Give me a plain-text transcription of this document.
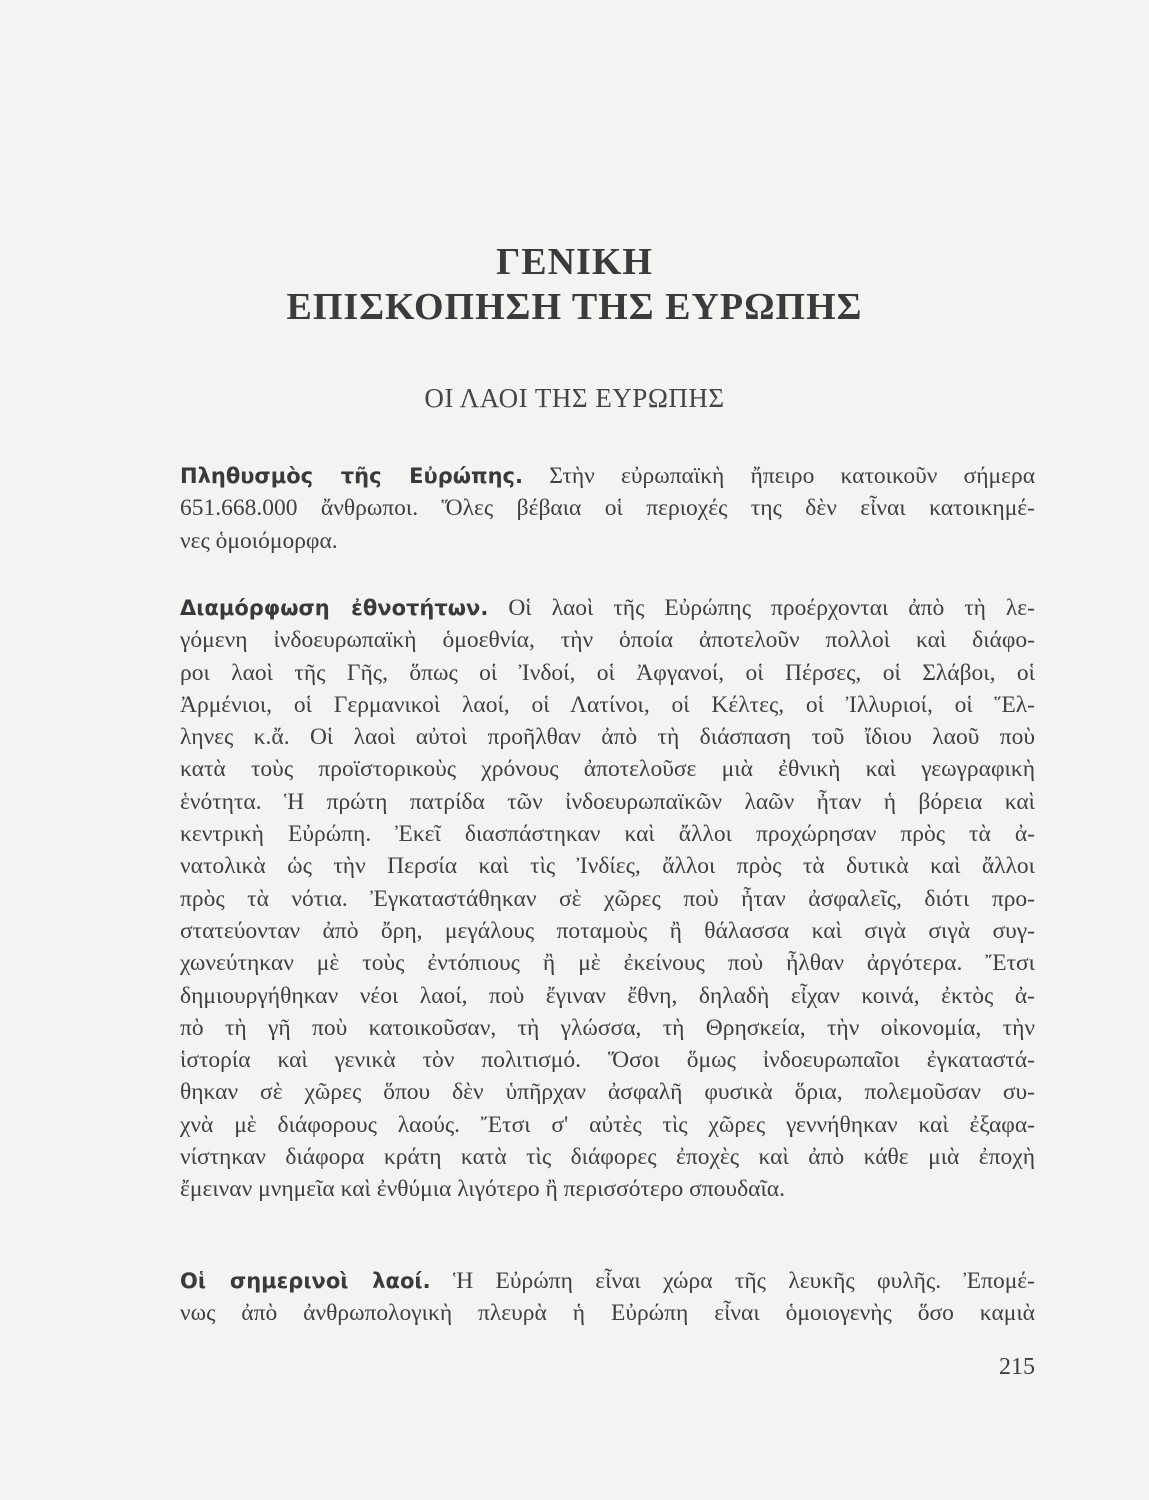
ΓΕΝΙΚΗ
ΕΠΙΣΚΟΠΗΣΗ ΤΗΣ ΕΥΡΩΠΗΣ
ΟΙ ΛΑΟΙ ΤΗΣ ΕΥΡΩΠΗΣ
Πληθυσμὸς τῆς Εὐρώπης. Στὴν εὐρωπαϊκὴ ἤπειρο κατοικοῦν σήμερα
651.668.000 ἄνθρωποι. Ὅλες βέβαια οἱ περιοχές της δὲν εἶναι κατοικημέ-
νες ὁμοιόμορφα.
Διαμόρφωση ἐθνοτήτων. Οἱ λαοὶ τῆς Εὐρώπης προέρχονται ἀπὸ τὴ λε-
γόμενη ἰνδοευρωπαϊκὴ ὁμοεθνία, τὴν ὁποία ἀποτελοῦν πολλοὶ καὶ διάφο-
ροι λαοὶ τῆς Γῆς, ὅπως οἱ Ἰνδοί, οἱ Ἀφγανοί, οἱ Πέρσες, οἱ Σλάβοι, οἱ
Ἀρμένιοι, οἱ Γερμανικοὶ λαοί, οἱ Λατίνοι, οἱ Κέλτες, οἱ Ἰλλυριοί, οἱ Ἕλ-
ληνες κ.ἄ. Οἱ λαοὶ αὐτοὶ προῆλθαν ἀπὸ τὴ διάσπαση τοῦ ἴδιου λαοῦ ποὺ
κατὰ τοὺς προϊστορικοὺς χρόνους ἀποτελοῦσε μιὰ ἐθνικὴ καὶ γεωγραφικὴ
ἑνότητα. Ἡ πρώτη πατρίδα τῶν ἰνδοευρωπαϊκῶν λαῶν ἦταν ἡ βόρεια καὶ
κεντρικὴ Εὐρώπη. Ἐκεῖ διασπάστηκαν καὶ ἄλλοι προχώρησαν πρὸς τὰ ἀ-
νατολικὰ ὡς τὴν Περσία καὶ τὶς Ἰνδίες, ἄλλοι πρὸς τὰ δυτικὰ καὶ ἄλλοι
πρὸς τὰ νότια. Ἐγκαταστάθηκαν σὲ χῶρες ποὺ ἦταν ἀσφαλεῖς, διότι προ-
στατεύονταν ἀπὸ ὄρη, μεγάλους ποταμοὺς ἢ θάλασσα καὶ σιγὰ σιγὰ συγ-
χωνεύτηκαν μὲ τοὺς ἐντόπιους ἢ μὲ ἐκείνους ποὺ ἦλθαν ἀργότερα. Ἔτσι
δημιουργήθηκαν νέοι λαοί, ποὺ ἔγιναν ἔθνη, δηλαδὴ εἶχαν κοινά, ἐκτὸς ἀ-
πὸ τὴ γῆ ποὺ κατοικοῦσαν, τὴ γλώσσα, τὴ Θρησκεία, τὴν οἰκονομία, τὴν
ἱστορία καὶ γενικὰ τὸν πολιτισμό. Ὅσοι ὅμως ἰνδοευρωπαῖοι ἐγκαταστά-
θηκαν σὲ χῶρες ὅπου δὲν ὑπῆρχαν ἀσφαλῆ φυσικὰ ὅρια, πολεμοῦσαν συ-
χνὰ μὲ διάφορους λαούς. Ἔτσι σ' αὐτὲς τὶς χῶρες γεννήθηκαν καὶ ἐξαφα-
νίστηκαν διάφορα κράτη κατὰ τὶς διάφορες ἐποχὲς καὶ ἀπὸ κάθε μιὰ ἐποχὴ
ἔμειναν μνημεῖα καὶ ἐνθύμια λιγότερο ἢ περισσότερο σπουδαῖα.
Οἱ σημερινοὶ λαοί. Ἡ Εὐρώπη εἶναι χώρα τῆς λευκῆς φυλῆς. Ἐπομέ-
νως ἀπὸ ἀνθρωπολογικὴ πλευρὰ ἡ Εὐρώπη εἶναι ὁμοιογενὴς ὅσο καμιὰ
215
